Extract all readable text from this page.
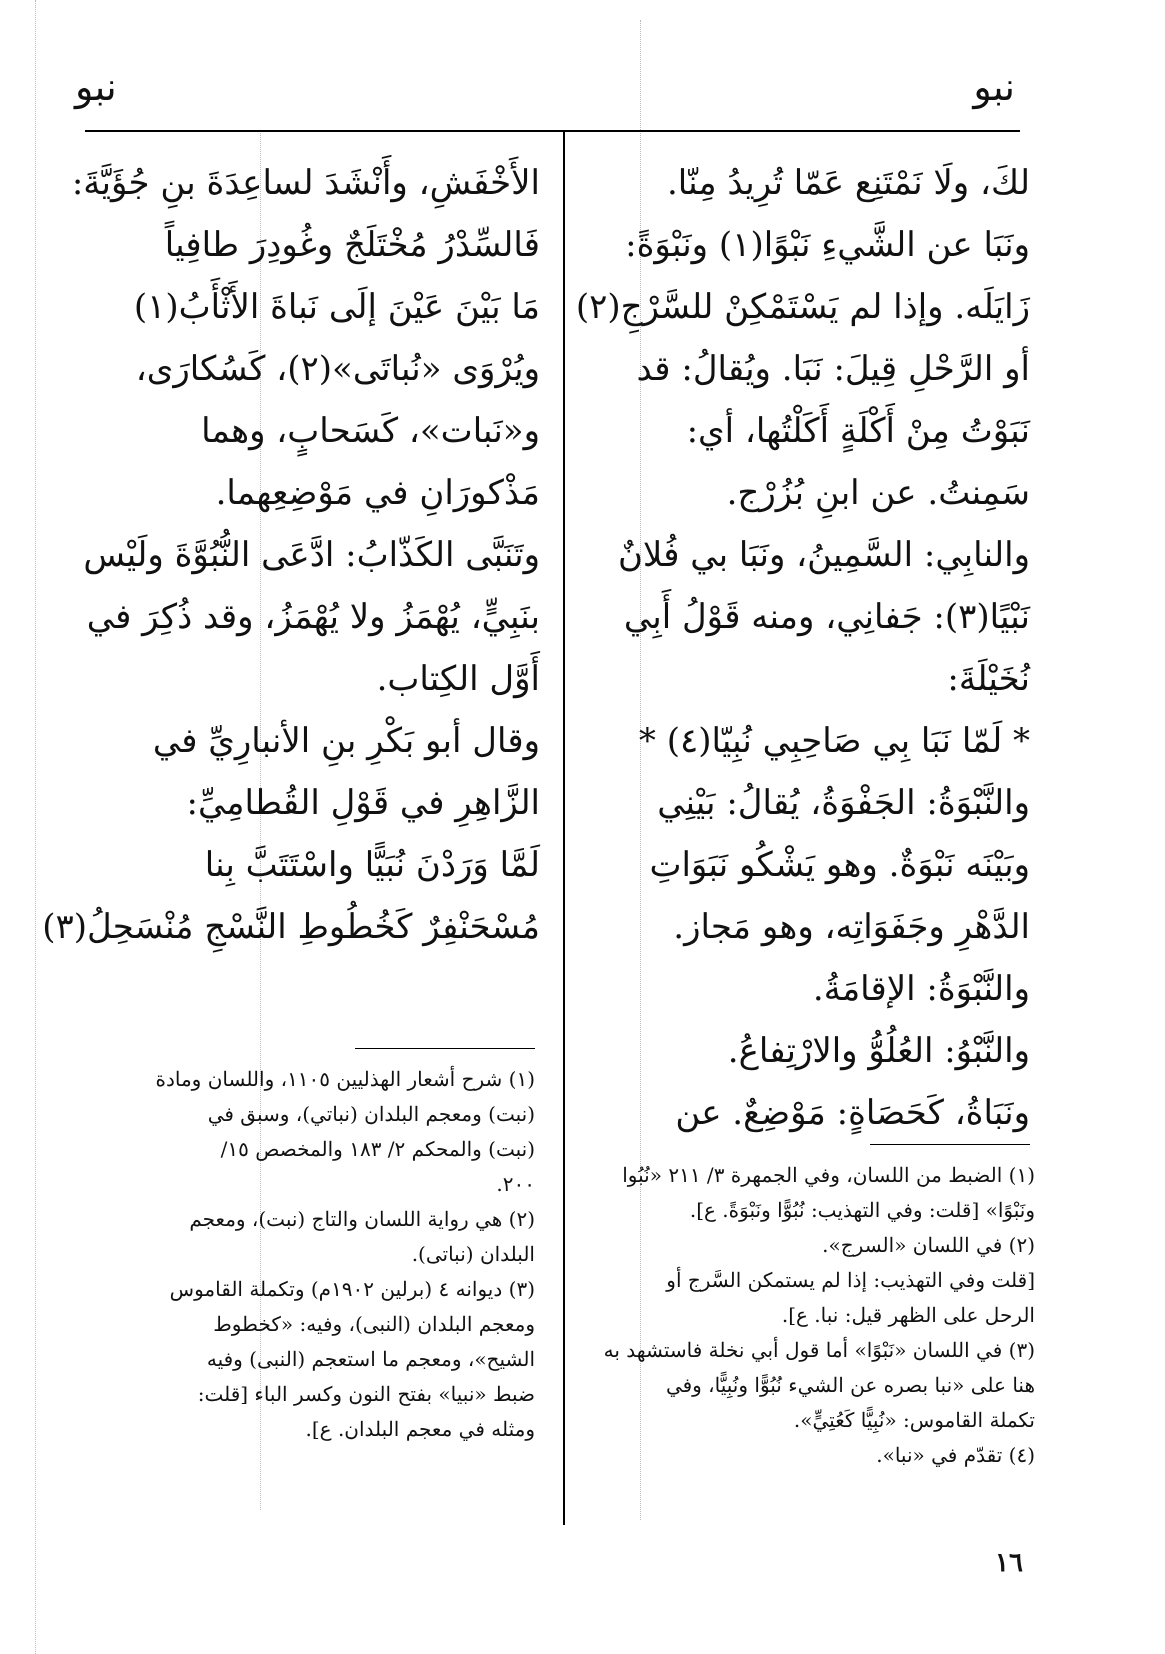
نبو
نبو
لكَ، ولَا نَمْتَنِع عَمّا تُرِيدُ مِنّا.
ونَبَا عن الشَّيءِ نَبْوًا(١) ونَبْوَةً:
زَايَلَه. وإذا لم يَسْتَمْكِنْ للسَّرْجِ(٢)
أو الرَّحْلِ قِيلَ: نَبَا. ويُقالُ: قد
نَبَوْتُ مِنْ أَكْلَةٍ أَكَلْتُها، أي:
سَمِنتُ. عن ابنِ بُزُرْج.
والنابِي: السَّمِينُ، ونَبَا بي فُلانٌ
نَبْيًا(٣): جَفانِي، ومنه قَوْلُ أَبِي
نُخَيْلَةَ:
* لَمّا نَبَا بِي صَاحِبِي نُبِيّا(٤) *
والنَّبْوَةُ: الجَفْوَةُ، يُقالُ: بَيْنِي
وبَيْنَه نَبْوَةٌ. وهو يَشْكُو نَبَوَاتِ
الدَّهْرِ وجَفَوَاتِه، وهو مَجاز.
والنَّبْوَةُ: الإقامَةُ.
والنَّبْوُ: العُلُوُّ والارْتِفاعُ.
ونَبَاةُ، كَحَصَاةٍ: مَوْضِعٌ. عن
الأَخْفَشِ، وأَنْشَدَ لساعِدَةَ بنِ جُؤَيَّةَ:
فَالسِّدْرُ مُخْتَلَجٌ وغُودِرَ طافِياً
مَا بَيْنَ عَيْنَ إلَى نَباةَ الأَثْأَبُ(١)
ويُرْوَى «نُباتَى»(٢)، كَسُكارَى،
و«نَبات»، كَسَحابٍ، وهما
مَذْكورَانِ في مَوْضِعِهما.
وتَنَبَّى الكَذّابُ: ادَّعَى النُّبُوَّةَ ولَيْس
بنَبِيٍّ، يُهْمَزُ ولا يُهْمَزُ، وقد ذُكِرَ في
أَوَّل الكِتاب.
وقال أبو بَكْرِ بنِ الأنبارِيِّ في
الزَّاهِرِ في قَوْلِ القُطامِيِّ:
لَمَّا وَرَدْنَ نُبَيًّا واسْتَتَبَّ بِنا
مُسْحَنْفِرٌ كَخُطُوطِ النَّسْجِ مُنْسَحِلُ(٣)
(١) الضبط من اللسان، وفي الجمهرة ٣/ ٢١١ «نُبُوا
ونَبْوًا» [قلت: وفي التهذيب: نُبُوًّا ونَبْوَةً. ع].
(٢) في اللسان «السرج».
[قلت وفي التهذيب: إذا لم يستمكن السَّرج أو
الرحل على الظهر قيل: نبا. ع].
(٣) في اللسان «نَبْوًا» أما قول أبي نخلة فاستشهد به
هنا على «نبا بصره عن الشيء نُبُوًّا ونُبِيًّا، وفي
تكملة القاموس: «نُبِيًّا كَعُتِيٍّ».
(٤) تقدّم في «نبا».
(١) شرح أشعار الهذليين ١١٠٥، واللسان ومادة
(نبت) ومعجم البلدان (نباتي)، وسبق في
(نبت) والمحكم ٢/ ١٨٣ والمخصص ١٥/
٢٠٠.
(٢) هي رواية اللسان والتاج (نبت)، ومعجم
البلدان (نباتى).
(٣) ديوانه ٤ (برلين ١٩٠٢م) وتكملة القاموس
ومعجم البلدان (النبى)، وفيه: «كخطوط
الشيح»، ومعجم ما استعجم (النبى) وفيه
ضبط «نبيا» بفتح النون وكسر الباء [قلت:
ومثله في معجم البلدان. ع].
١٦
